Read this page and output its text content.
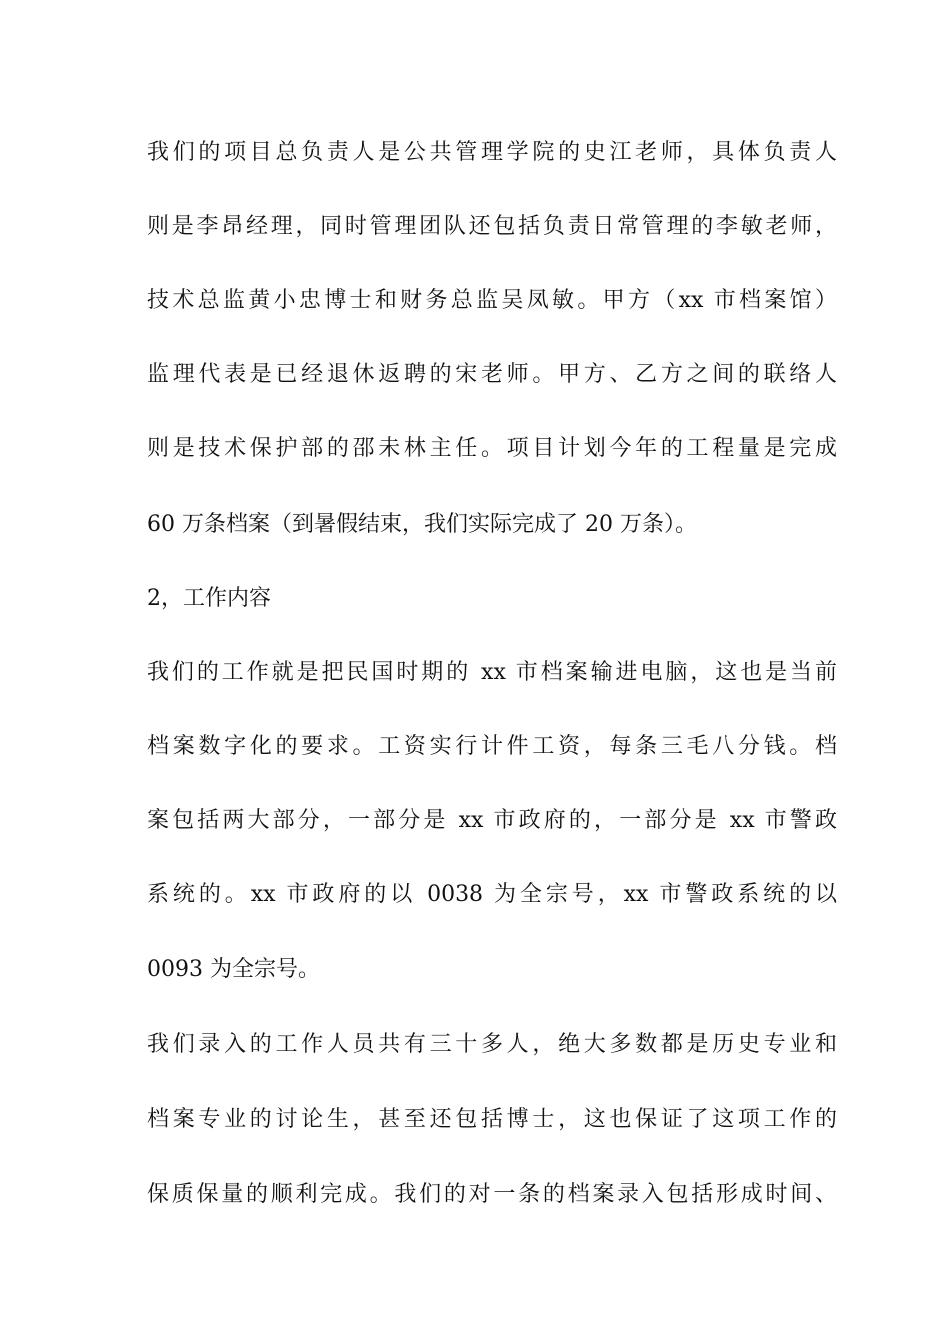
我们的项目总负责人是公共管理学院的史江老师，具体负责人
则是李昂经理，同时管理团队还包括负责日常管理的李敏老师，
技术总监黄小忠博士和财务总监吴凤敏。甲方（xx 市档案馆）
监理代表是已经退休返聘的宋老师。甲方、乙方之间的联络人
则是技术保护部的邵未林主任。项目计划今年的工程量是完成
60 万条档案（到暑假结束，我们实际完成了 20 万条）。
2，工作内容
我们的工作就是把民国时期的 xx 市档案输进电脑，这也是当前
档案数字化的要求。工资实行计件工资，每条三毛八分钱。档
案包括两大部分，一部分是 xx 市政府的，一部分是 xx 市警政
系统的。xx 市政府的以 0038 为全宗号，xx 市警政系统的以
0093 为全宗号。
我们录入的工作人员共有三十多人，绝大多数都是历史专业和
档案专业的讨论生，甚至还包括博士，这也保证了这项工作的
保质保量的顺利完成。我们的对一条的档案录入包括形成时间、
